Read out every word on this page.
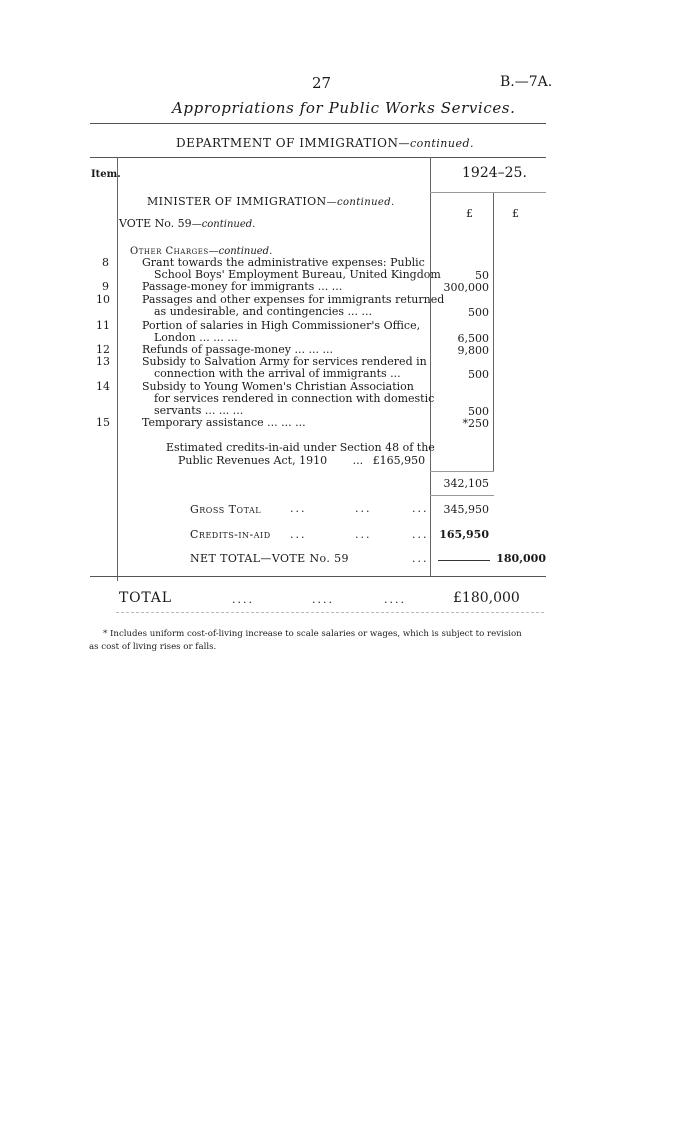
27	B.—7A.
Appropriations for Public Works Services.
DEPARTMENT OF IMMIGRATION—continued.
Item.	1924–25.
£	£
MINISTER OF IMMIGRATION—continued.
VOTE No. 59—continued.
Other Charges—continued.
8	Grant towards the administrative expenses: Public
School Boys' Employment Bureau, United Kingdom	50
9	Passage-money for immigrants ... ...	300,000
10	Passages and other expenses for immigrants returned
as undesirable, and contingencies ... ...	500
11	Portion of salaries in High Commissioner's Office,
London ... ... ...	6,500
12	Refunds of passage-money ... ... ...	9,800
13	Subsidy to Salvation Army for services rendered in
connection with the arrival of immigrants ...	500
14	Subsidy to Young Women's Christian Association
for services rendered in connection with domestic
servants ... ... ...	500
15	Temporary assistance ... ... ...	*250
Estimated credits-in-aid under Section 48 of the
Public Revenues Act, 1910 ... £165,950
342,105
Gross Total	...	...	... 345,950
Credits-in-aid ...	...	... 165,950
NET TOTAL—VOTE No. 59	...	180,000
TOTAL	....	....	....	£180,000
* Includes uniform cost-of-living increase to scale salaries or wages, which is subject to revision
as cost of living rises or falls.
